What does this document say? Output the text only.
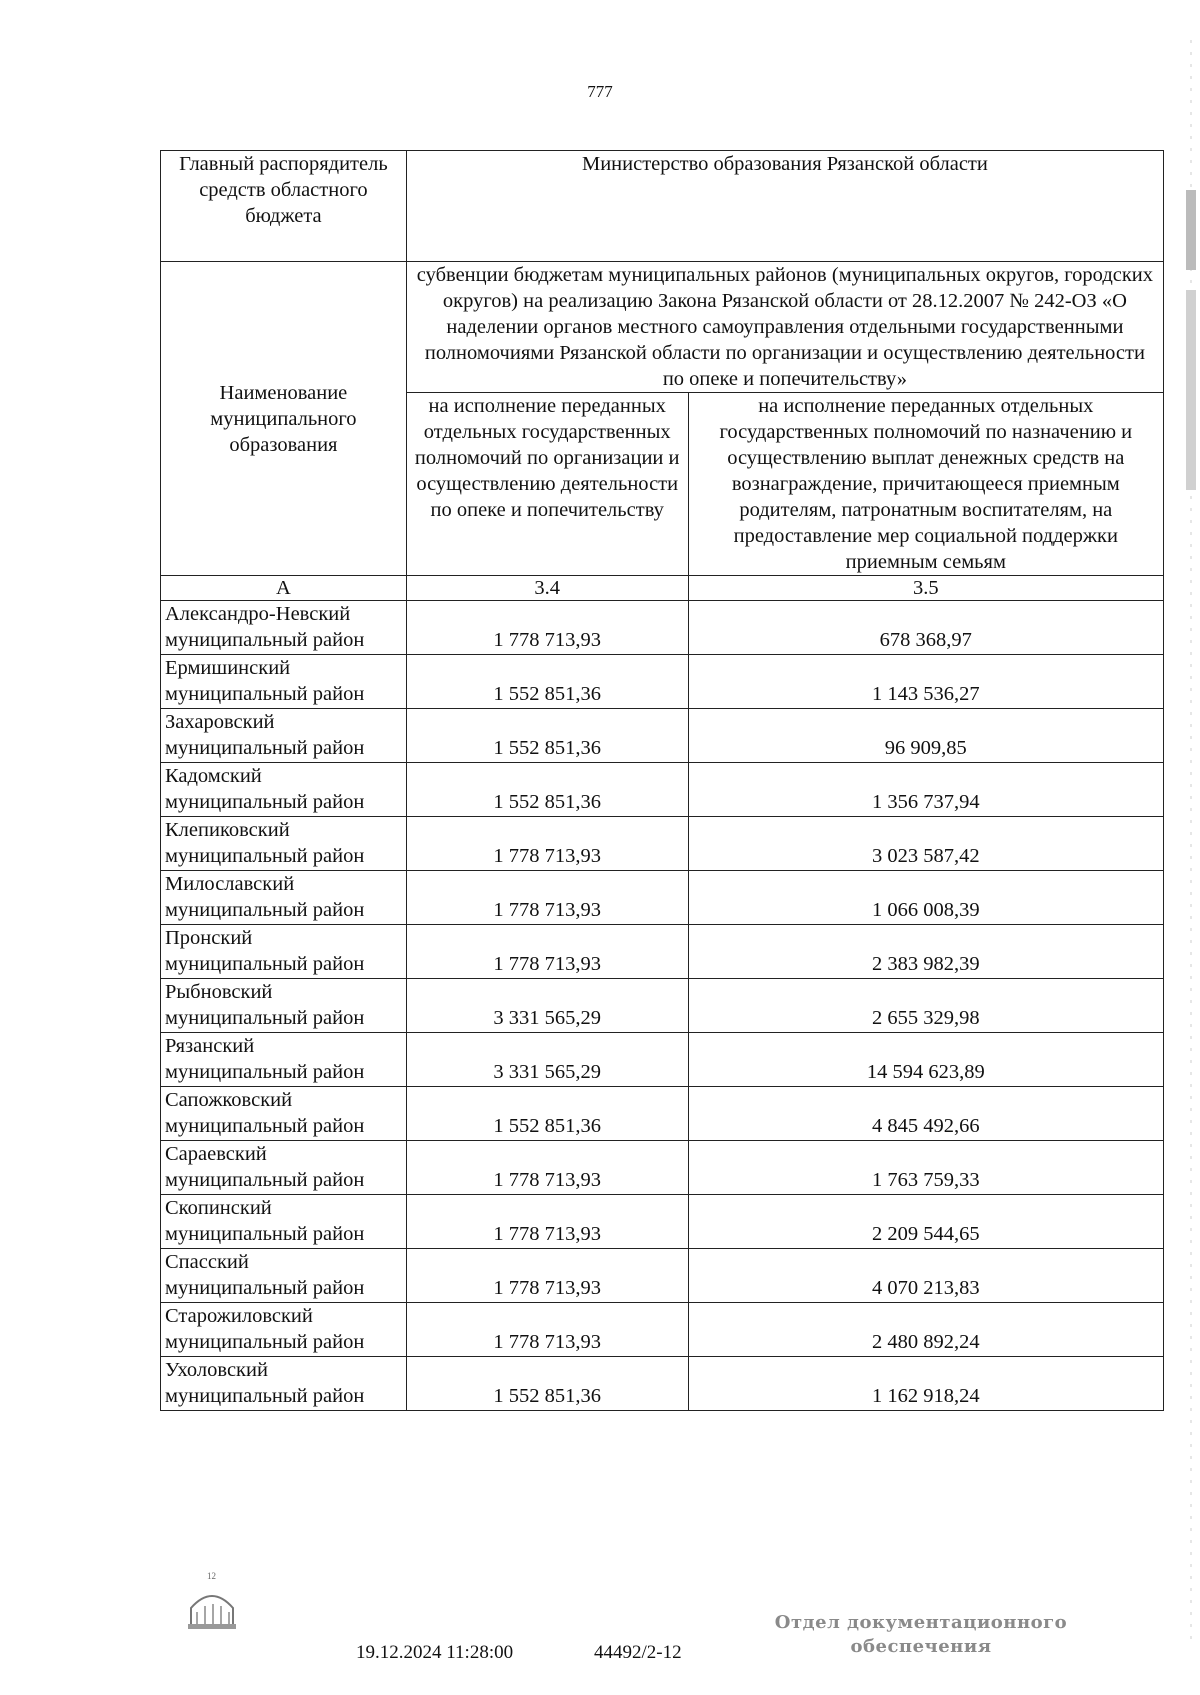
777
Главный распорядитель средств областного бюджета	Министерство образования Рязанской области	
Наименование муниципального образования	субвенции бюджетам муниципальных районов (муниципальных округов, городских округов) на реализацию Закона Рязанской области от 28.12.2007 № 242-ОЗ «О наделении органов местного самоуправления отдельными государственными полномочиями Рязанской области по организации и осуществлению деятельности по опеке и попечительству»	
	на исполнение переданных отдельных государственных полномочий по организации и осуществлению деятельности по опеке и попечительству	на исполнение переданных отдельных государственных полномочий по назначению и осуществлению выплат денежных средств на вознаграждение, причитающееся приемным родителям, патронатным воспитателям, на предоставление мер социальной поддержки приемным семьям
А	3.4	3.5

Александро-Невский
муниципальный район	1 778 713,93	678 368,97

Ермишинский
муниципальный район	1 552 851,36	1 143 536,27

Захаровский
муниципальный район	1 552 851,36	96 909,85

Кадомский
муниципальный район	1 552 851,36	1 356 737,94

Клепиковский
муниципальный район	1 778 713,93	3 023 587,42

Милославский
муниципальный район	1 778 713,93	1 066 008,39

Пронский
муниципальный район	1 778 713,93	2 383 982,39

Рыбновский
муниципальный район	3 331 565,29	2 655 329,98

Рязанский
муниципальный район	3 331 565,29	14 594 623,89

Сапожковский
муниципальный район	1 552 851,36	4 845 492,66

Сараевский
муниципальный район	1 778 713,93	1 763 759,33

Скопинский
муниципальный район	1 778 713,93	2 209 544,65

Спасский
муниципальный район	1 778 713,93	4 070 213,83

Старожиловский
муниципальный район	1 778 713,93	2 480 892,24

Ухоловский
муниципальный район	1 552 851,36	1 162 918,24
12
19.12.2024 11:28:00	44492/2-12
Отдел документационного
обеспечения
